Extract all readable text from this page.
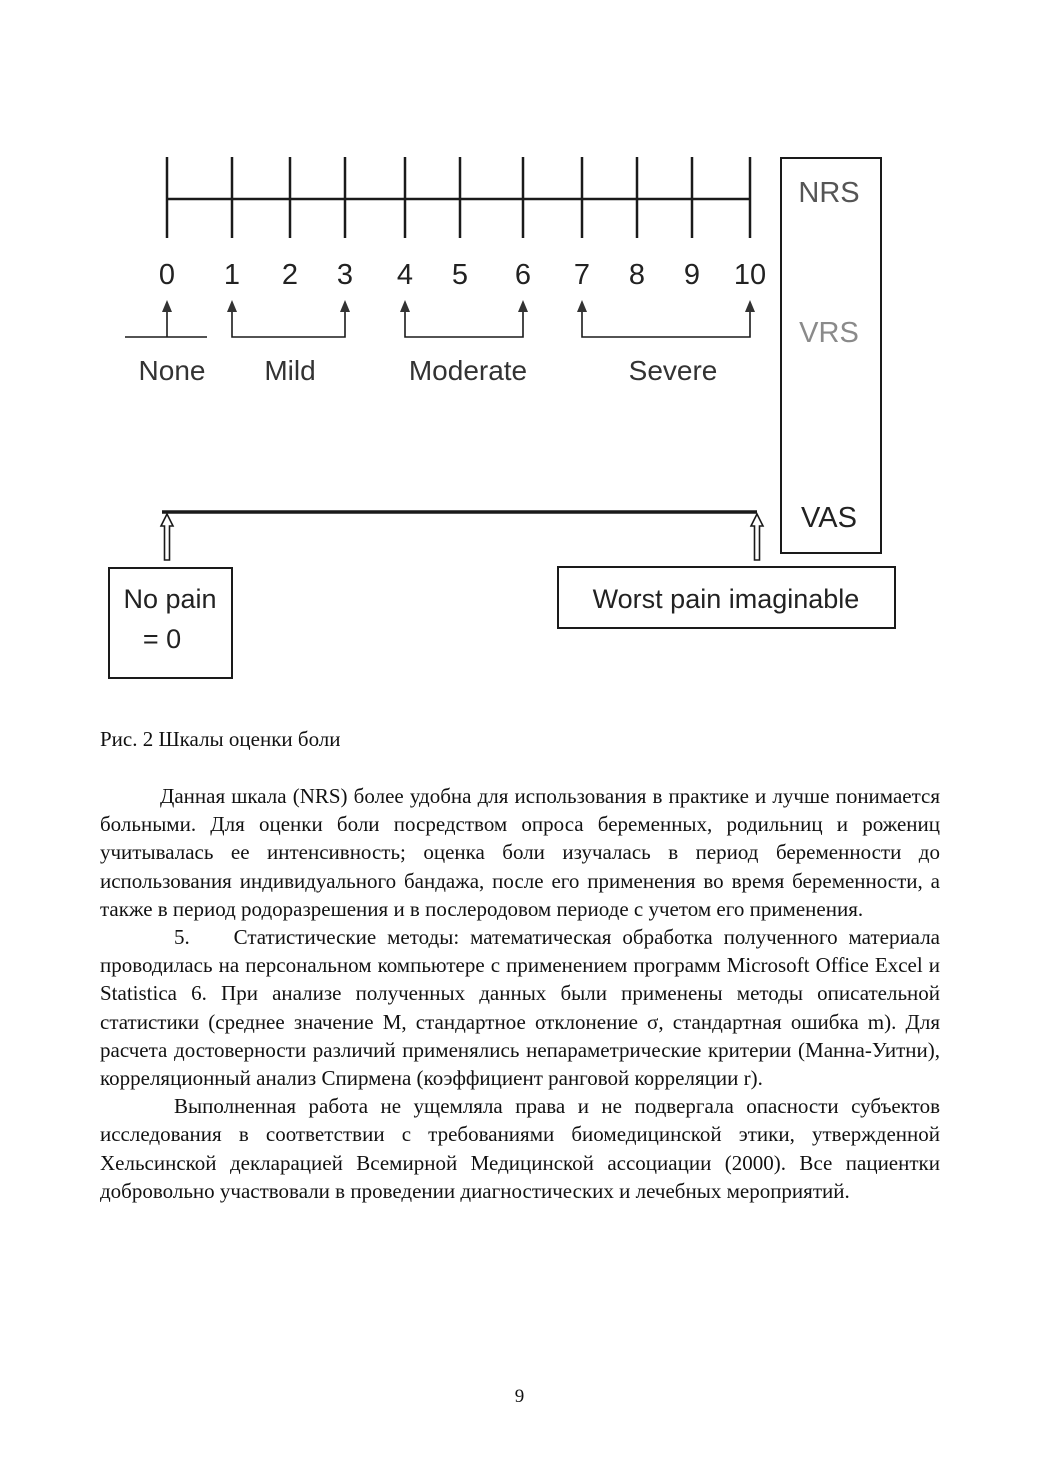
0 1 2 3 4 5 6 7 8 9 10
None Mild	Moderate	Severe
No pain
= 0
Worst pain imaginable
NRS
VRS
VAS
Рис. 2 Шкалы оценки боли

Данная шкала (NRS) более удобна для использования в практике и лучше понимается больными. Для оценки боли посредством опроса беременных, родильниц и рожениц учитывалась ее интенсивность; оценка боли изучалась в период беременности до использования индивидуального бандажа, после его применения во время беременности, а также в период родоразрешения и в послеродовом периоде с учетом его применения.

5.    Статистические методы: математическая обработка полученного материала проводилась на персональном компьютере с применением программ Microsoft Office Excel и Statistica 6. При анализе полученных данных были применены методы описательной статистики (среднее значение М, стандартное отклонение σ, стандартная ошибка m). Для расчета достоверности различий применялись непараметрические критерии (Манна-Уитни), корреляционный анализ Спирмена (коэффициент ранговой корреляции r).

Выполненная работа не ущемляла права и не подвергала опасности субъектов исследования в соответствии с требованиями биомедицинской этики, утвержденной Хельсинской декларацией Всемирной Медицинской ассоциации (2000). Все пациентки добровольно участвовали в проведении диагностических и лечебных мероприятий.

9
